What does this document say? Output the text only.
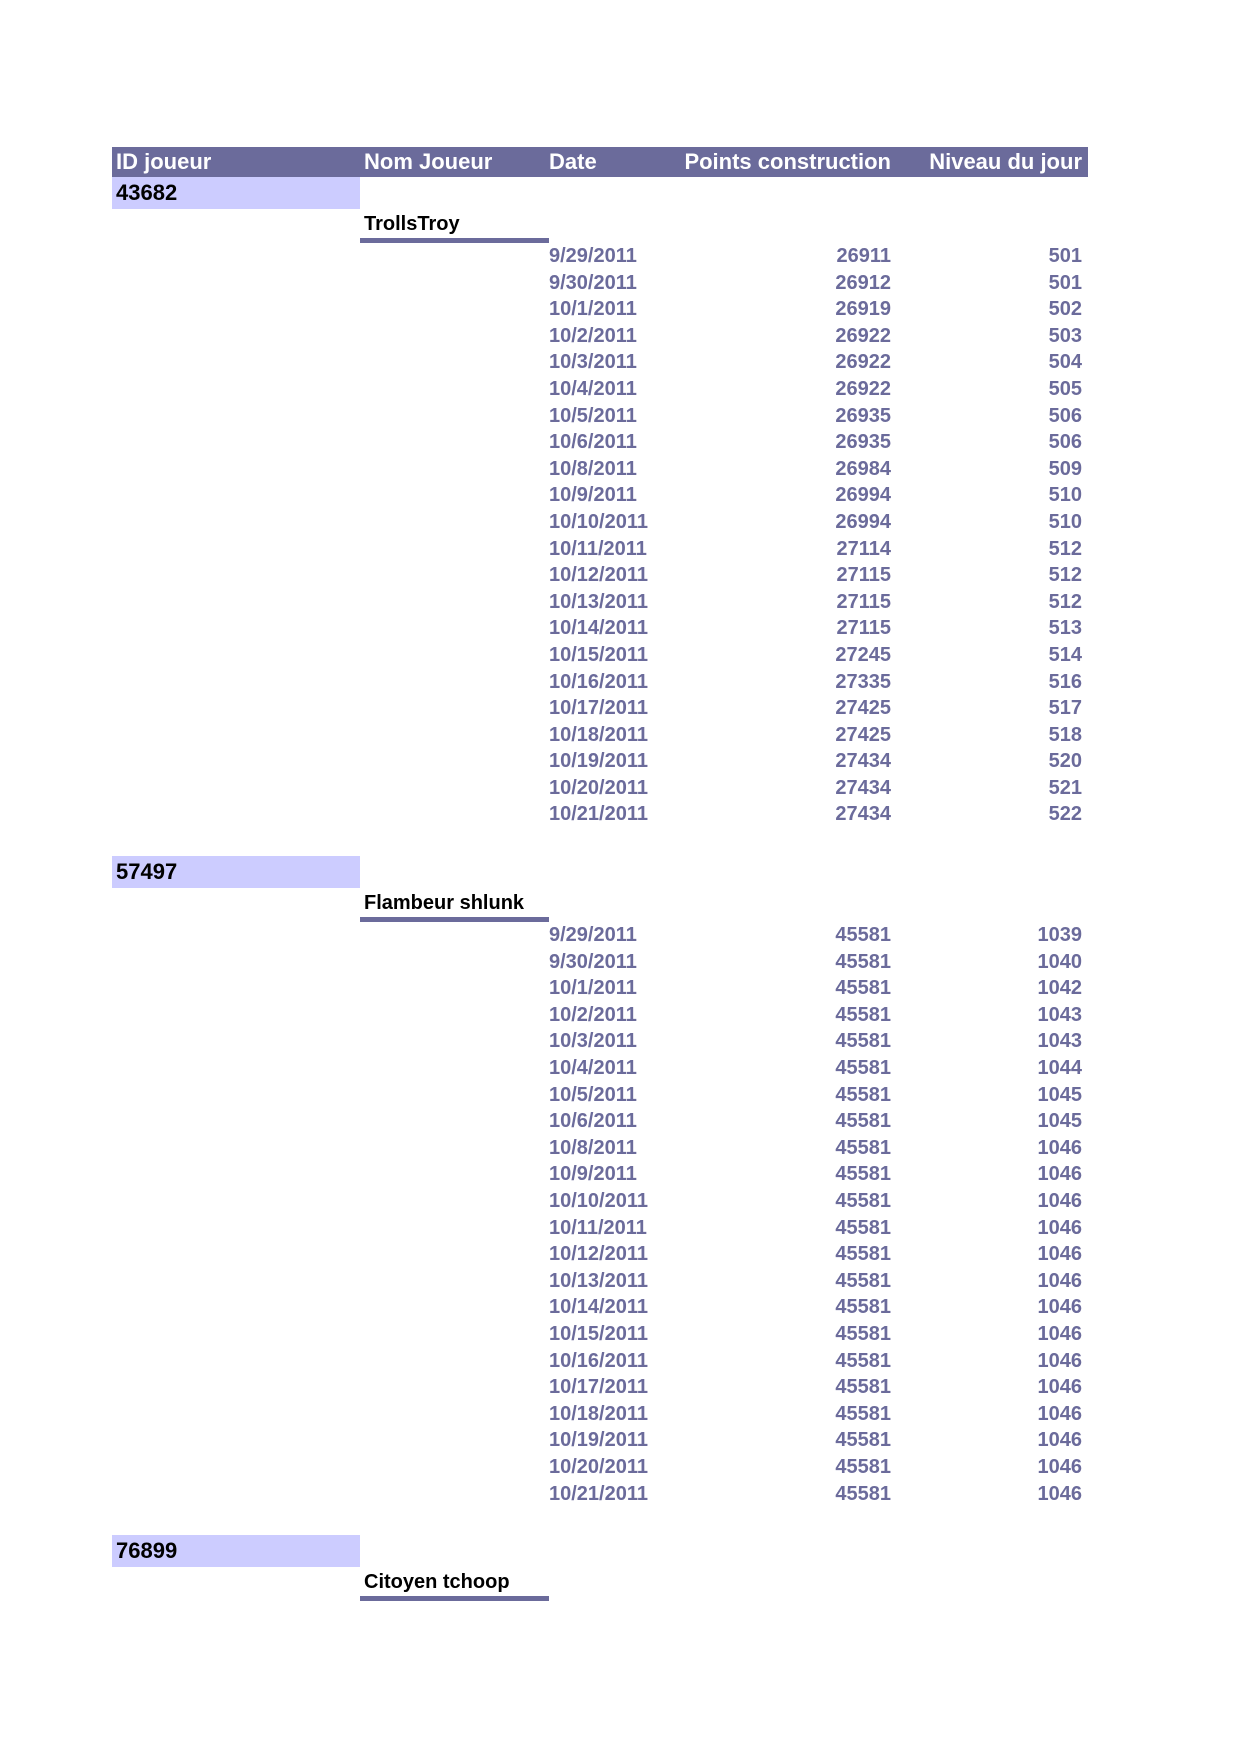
ID joueur	Nom Joueur	Date	Points construction	Niveau du jour
43682
TrollsTroy
9/29/2011	26911	501
9/30/2011	26912	501
10/1/2011	26919	502
10/2/2011	26922	503
10/3/2011	26922	504
10/4/2011	26922	505
10/5/2011	26935	506
10/6/2011	26935	506
10/8/2011	26984	509
10/9/2011	26994	510
10/10/2011	26994	510
10/11/2011	27114	512
10/12/2011	27115	512
10/13/2011	27115	512
10/14/2011	27115	513
10/15/2011	27245	514
10/16/2011	27335	516
10/17/2011	27425	517
10/18/2011	27425	518
10/19/2011	27434	520
10/20/2011	27434	521
10/21/2011	27434	522
57497
Flambeur shlunk
9/29/2011	45581	1039
9/30/2011	45581	1040
10/1/2011	45581	1042
10/2/2011	45581	1043
10/3/2011	45581	1043
10/4/2011	45581	1044
10/5/2011	45581	1045
10/6/2011	45581	1045
10/8/2011	45581	1046
10/9/2011	45581	1046
10/10/2011	45581	1046
10/11/2011	45581	1046
10/12/2011	45581	1046
10/13/2011	45581	1046
10/14/2011	45581	1046
10/15/2011	45581	1046
10/16/2011	45581	1046
10/17/2011	45581	1046
10/18/2011	45581	1046
10/19/2011	45581	1046
10/20/2011	45581	1046
10/21/2011	45581	1046
76899
Citoyen tchoop
